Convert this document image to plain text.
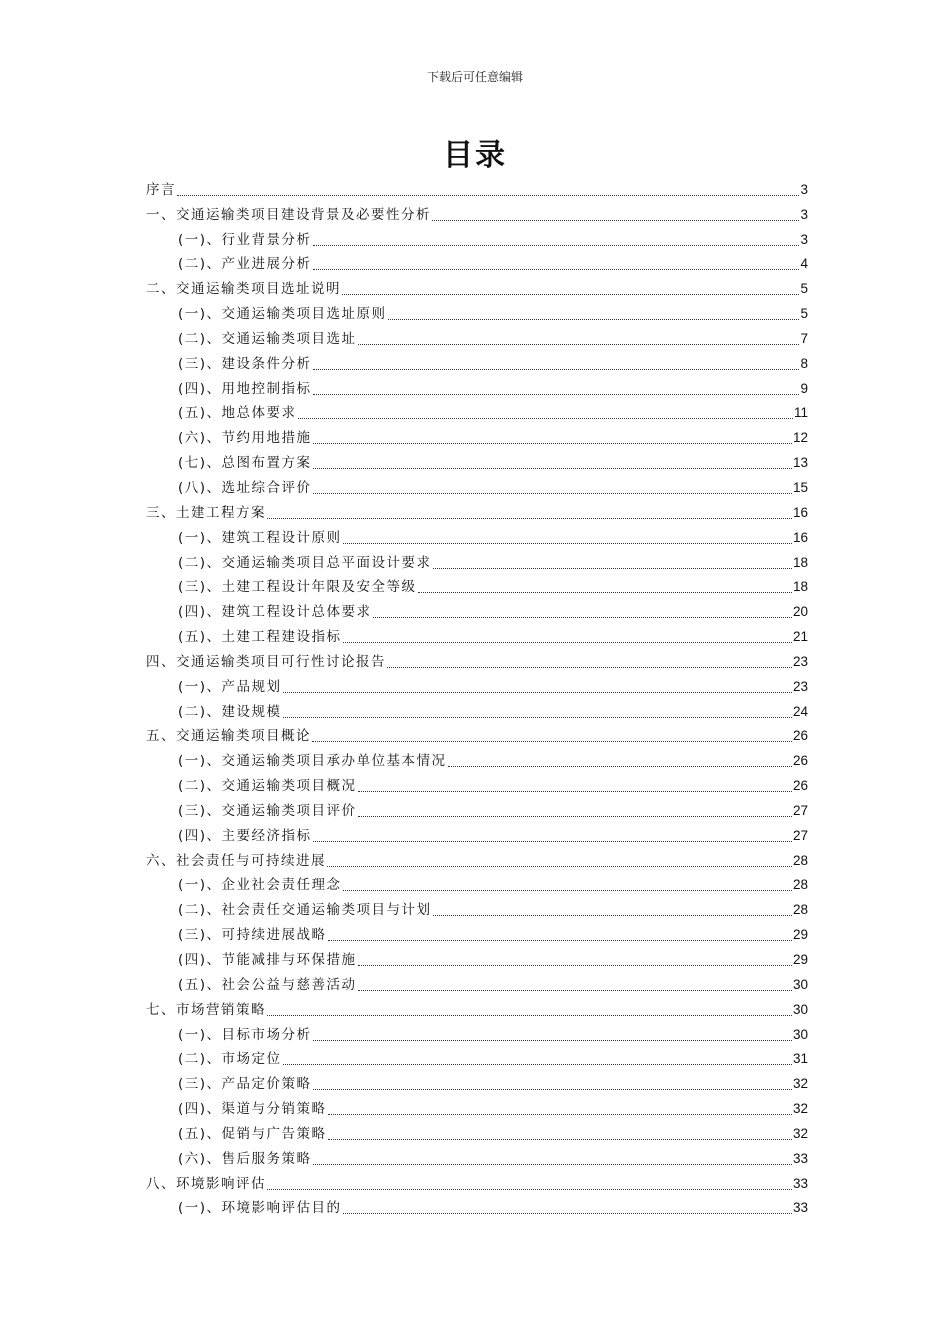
下载后可任意编辑
目录
序言	3
一、交通运输类项目建设背景及必要性分析	3
(一)、行业背景分析	3
(二)、产业进展分析	4
二、交通运输类项目选址说明	5
(一)、交通运输类项目选址原则	5
(二)、交通运输类项目选址	7
(三)、建设条件分析	8
(四)、用地控制指标	9
(五)、地总体要求	11
(六)、节约用地措施	12
(七)、总图布置方案	13
(八)、选址综合评价	15
三、土建工程方案	16
(一)、建筑工程设计原则	16
(二)、交通运输类项目总平面设计要求	18
(三)、土建工程设计年限及安全等级	18
(四)、建筑工程设计总体要求	20
(五)、土建工程建设指标	21
四、交通运输类项目可行性讨论报告	23
(一)、产品规划	23
(二)、建设规模	24
五、交通运输类项目概论	26
(一)、交通运输类项目承办单位基本情况	26
(二)、交通运输类项目概况	26
(三)、交通运输类项目评价	27
(四)、主要经济指标	27
六、社会责任与可持续进展	28
(一)、企业社会责任理念	28
(二)、社会责任交通运输类项目与计划	28
(三)、可持续进展战略	29
(四)、节能减排与环保措施	29
(五)、社会公益与慈善活动	30
七、市场营销策略	30
(一)、目标市场分析	30
(二)、市场定位	31
(三)、产品定价策略	32
(四)、渠道与分销策略	32
(五)、促销与广告策略	32
(六)、售后服务策略	33
八、环境影响评估	33
(一)、环境影响评估目的	33
